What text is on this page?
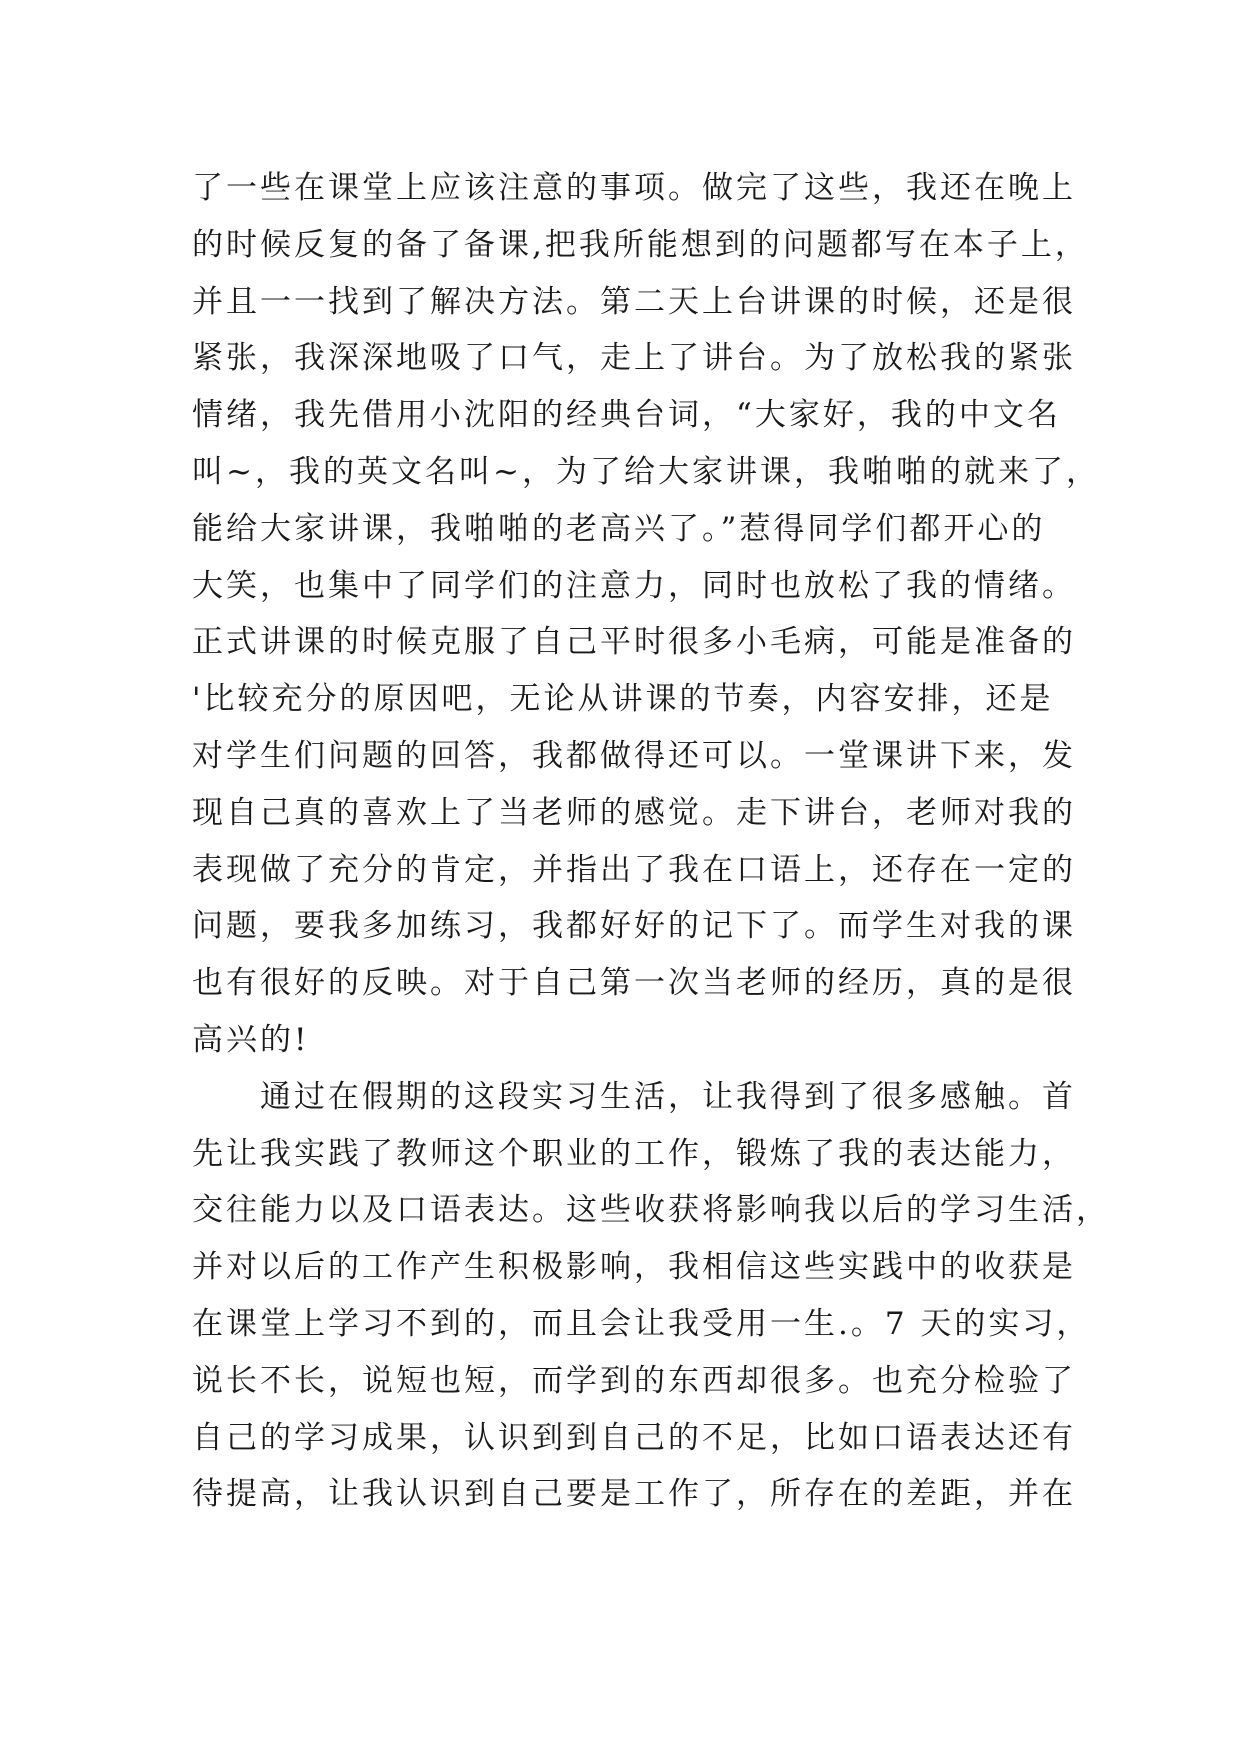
了一些在课堂上应该注意的事项。做完了这些，我还在晚上
的时候反复的备了备课,把我所能想到的问题都写在本子上，
并且一一找到了解决方法。第二天上台讲课的时候，还是很
紧张，我深深地吸了口气，走上了讲台。为了放松我的紧张
情绪，我先借用小沈阳的经典台词，“大家好，我的中文名
叫~，我的英文名叫~，为了给大家讲课，我啪啪的就来了，
能给大家讲课，我啪啪的老高兴了。”惹得同学们都开心的
大笑，也集中了同学们的注意力，同时也放松了我的情绪。
正式讲课的时候克服了自己平时很多小毛病，可能是准备的
'比较充分的原因吧，无论从讲课的节奏，内容安排，还是
对学生们问题的回答，我都做得还可以。一堂课讲下来，发
现自己真的喜欢上了当老师的感觉。走下讲台，老师对我的
表现做了充分的肯定，并指出了我在口语上，还存在一定的
问题，要我多加练习，我都好好的记下了。而学生对我的课
也有很好的反映。对于自己第一次当老师的经历，真的是很
高兴的!
　　通过在假期的这段实习生活，让我得到了很多感触。首
先让我实践了教师这个职业的工作，锻炼了我的表达能力，
交往能力以及口语表达。这些收获将影响我以后的学习生活，
并对以后的工作产生积极影响，我相信这些实践中的收获是
在课堂上学习不到的，而且会让我受用一生.。7 天的实习，
说长不长，说短也短，而学到的东西却很多。也充分检验了
自己的学习成果，认识到到自己的不足，比如口语表达还有
待提高，让我认识到自己要是工作了，所存在的差距，并在
